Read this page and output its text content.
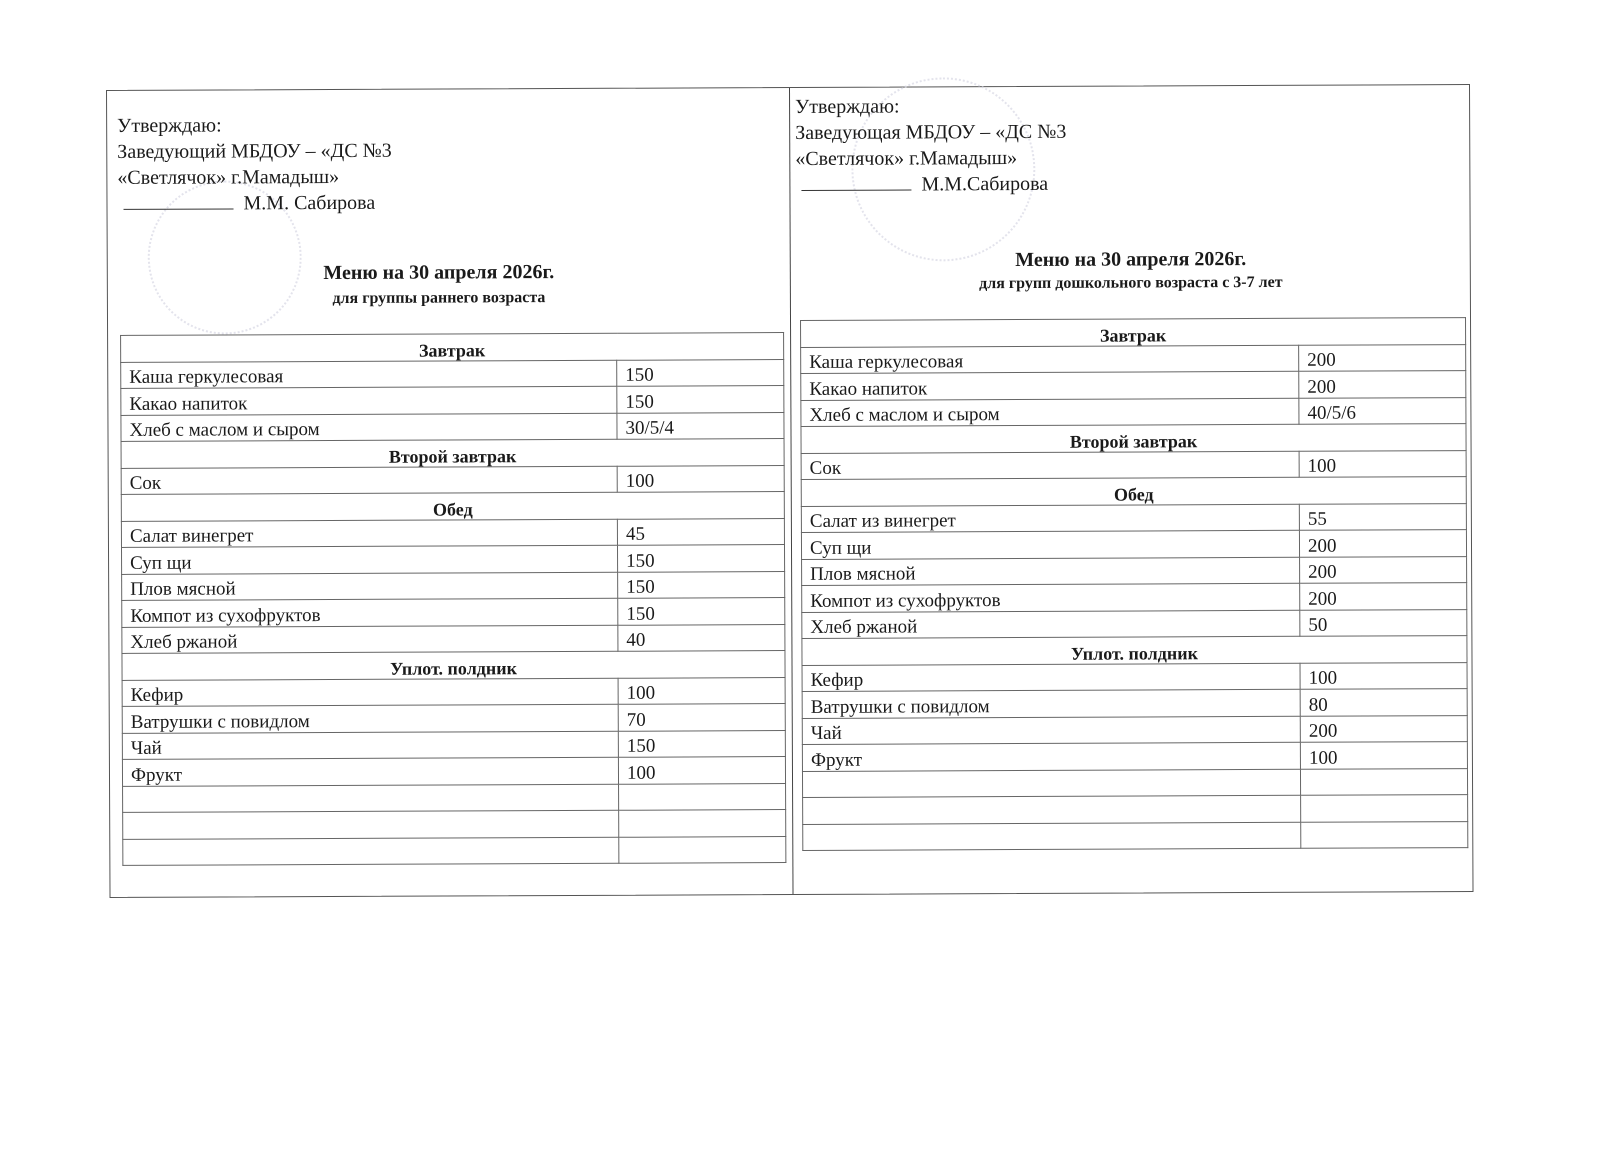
Утверждаю:
Заведующий МБДОУ – «ДС №3
«Светлячок» г.Мамадыш»
М.М. Сабирова
Меню на 30 апреля 2026г.
для группы раннего возраста
Завтрак	
Каша геркулесовая	150
Какао напиток	150
Хлеб с маслом и сыром	30/5/4
Второй завтрак	
Сок	100
Обед	
Салат винегрет	45
Суп щи	150
Плов мясной	150
Компот из сухофруктов	150
Хлеб ржаной	40
Уплот. полдник	
Кефир	100
Ватрушки с повидлом	70
Чай	150
Фрукт	100

Утверждаю:
Заведующая МБДОУ – «ДС №3
«Светлячок» г.Мамадыш»
М.М.Сабирова
Меню на 30 апреля 2026г.
для групп дошкольного возраста с 3-7 лет
Завтрак	
Каша геркулесовая	200
Какао напиток	200
Хлеб с маслом и сыром	40/5/6
Второй завтрак	
Сок	100
Обед	
Салат из винегрет	55
Суп щи	200
Плов мясной	200
Компот из сухофруктов	200
Хлеб ржаной	50
Уплот. полдник	
Кефир	100
Ватрушки с повидлом	80
Чай	200
Фрукт	100
